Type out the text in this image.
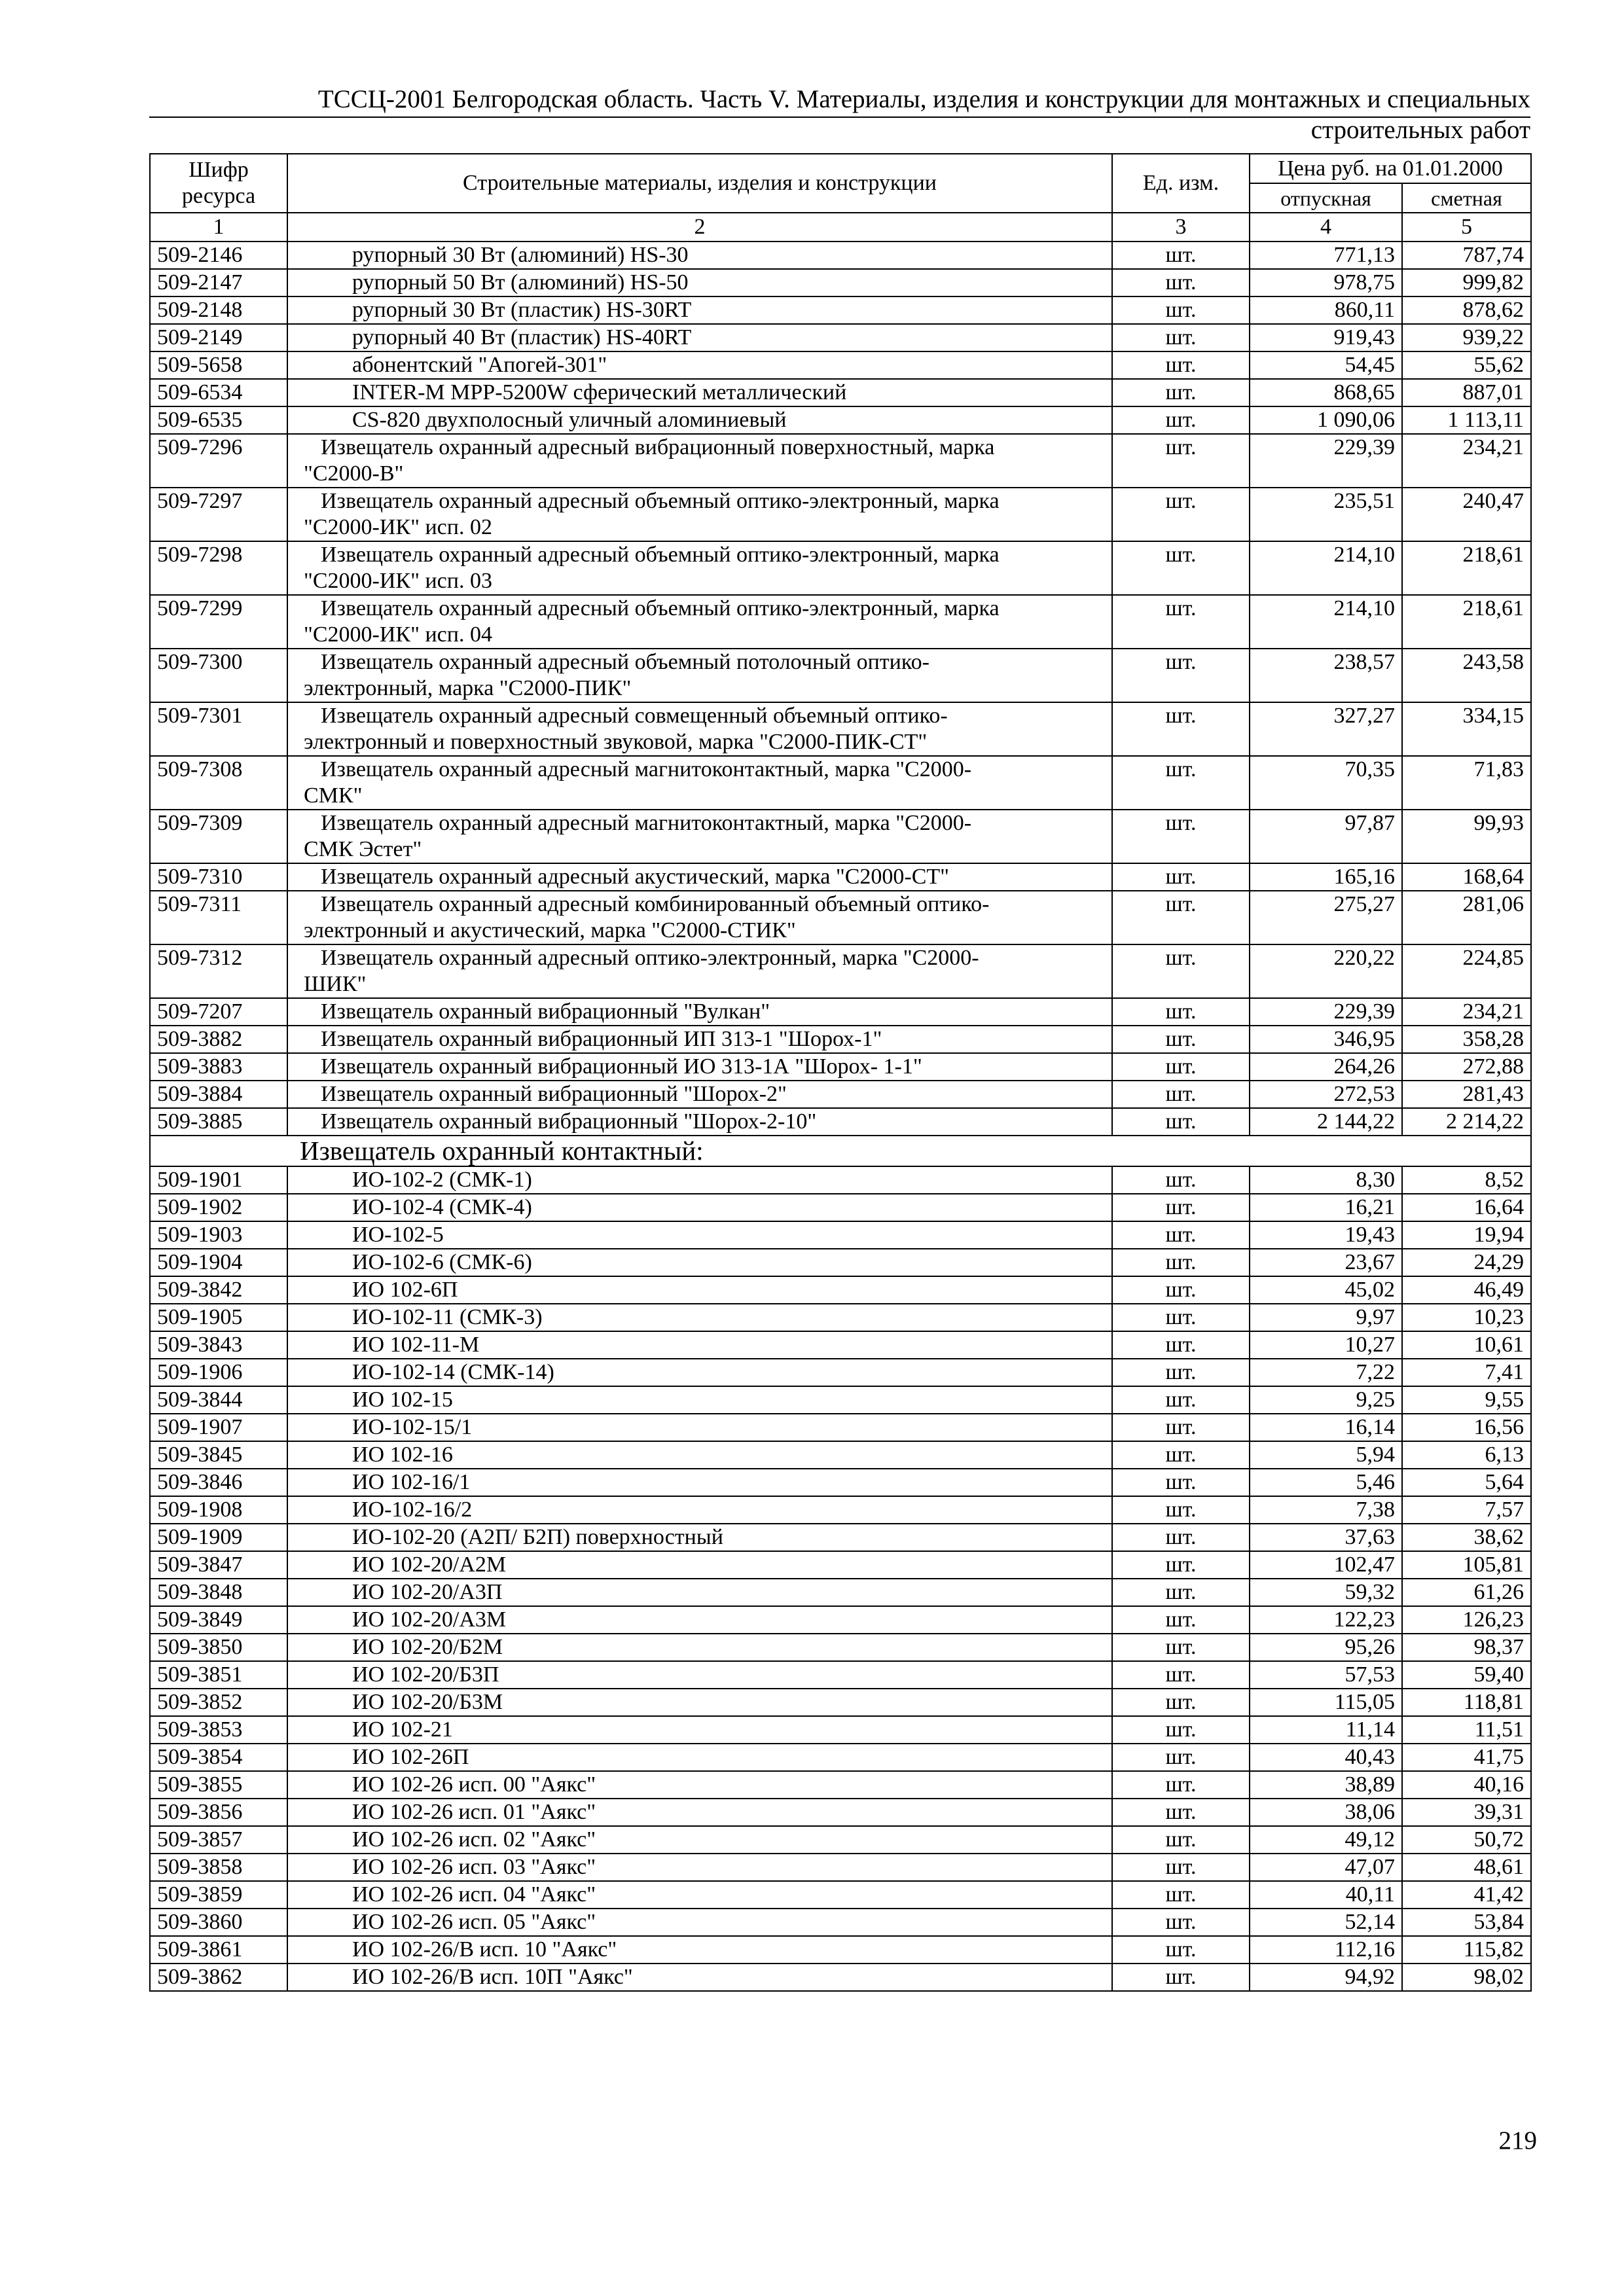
ТССЦ-2001 Белгородская область. Часть V. Материалы, изделия и конструкции для монтажных и специальных
строительных работ
Шифр ресурса	Строительные материалы, изделия и конструкции	Ед. изм.	Цена руб. на 01.01.2000	
			отпускная	сметная
1	2	3	4	5
509-2146	рупорный 30 Вт (алюминий) HS-30	шт.	771,13	787,74
509-2147	рупорный 50 Вт (алюминий) HS-50	шт.	978,75	999,82
509-2148	рупорный 30 Вт (пластик) HS-30RT	шт.	860,11	878,62
509-2149	рупорный 40 Вт (пластик) HS-40RT	шт.	919,43	939,22
509-5658	абонентский "Апогей-301"	шт.	54,45	55,62
509-6534	INTER-M MPP-5200W сферический металлический	шт.	868,65	887,01
509-6535	CS-820 двухполосный уличный аломиниевый	шт.	1 090,06	1 113,11
509-7296	Извещатель охранный адресный вибрационный поверхностный, марка
"С2000-В"	шт.	229,39	234,21
509-7297	Извещатель охранный адресный объемный оптико-электронный, марка
"С2000-ИК" исп. 02	шт.	235,51	240,47
509-7298	Извещатель охранный адресный объемный оптико-электронный, марка
"С2000-ИК" исп. 03	шт.	214,10	218,61
509-7299	Извещатель охранный адресный объемный оптико-электронный, марка
"С2000-ИК" исп. 04	шт.	214,10	218,61
509-7300	Извещатель охранный адресный объемный потолочный оптико-
электронный, марка "С2000-ПИК"	шт.	238,57	243,58
509-7301	Извещатель охранный адресный совмещенный объемный оптико-
электронный и поверхностный звуковой, марка "С2000-ПИК-СТ"	шт.	327,27	334,15
509-7308	Извещатель охранный адресный магнитоконтактный, марка "С2000-
СМК"	шт.	70,35	71,83
509-7309	Извещатель охранный адресный магнитоконтактный, марка "С2000-
СМК Эстет"	шт.	97,87	99,93
509-7310	Извещатель охранный адресный акустический, марка "С2000-СТ"	шт.	165,16	168,64
509-7311	Извещатель охранный адресный комбинированный объемный оптико-
электронный и акустический, марка "С2000-СТИК"	шт.	275,27	281,06
509-7312	Извещатель охранный адресный оптико-электронный, марка "С2000-
ШИК"	шт.	220,22	224,85
509-7207	Извещатель охранный вибрационный "Вулкан"	шт.	229,39	234,21
509-3882	Извещатель охранный вибрационный ИП 313-1 "Шорох-1"	шт.	346,95	358,28
509-3883	Извещатель охранный вибрационный ИО 313-1А "Шорох- 1-1"	шт.	264,26	272,88
509-3884	Извещатель охранный вибрационный "Шорох-2"	шт.	272,53	281,43
509-3885	Извещатель охранный вибрационный "Шорох-2-10"	шт.	2 144,22	2 214,22
Извещатель охранный контактный:				
509-1901	ИО-102-2 (СМК-1)	шт.	8,30	8,52
509-1902	ИО-102-4 (СМК-4)	шт.	16,21	16,64
509-1903	ИО-102-5	шт.	19,43	19,94
509-1904	ИО-102-6 (СМК-6)	шт.	23,67	24,29
509-3842	ИО 102-6П	шт.	45,02	46,49
509-1905	ИО-102-11 (СМК-3)	шт.	9,97	10,23
509-3843	ИО 102-11-М	шт.	10,27	10,61
509-1906	ИО-102-14 (СМК-14)	шт.	7,22	7,41
509-3844	ИО 102-15	шт.	9,25	9,55
509-1907	ИО-102-15/1	шт.	16,14	16,56
509-3845	ИО 102-16	шт.	5,94	6,13
509-3846	ИО 102-16/1	шт.	5,46	5,64
509-1908	ИО-102-16/2	шт.	7,38	7,57
509-1909	ИО-102-20 (А2П/ Б2П) поверхностный	шт.	37,63	38,62
509-3847	ИО 102-20/А2М	шт.	102,47	105,81
509-3848	ИО 102-20/А3П	шт.	59,32	61,26
509-3849	ИО 102-20/А3М	шт.	122,23	126,23
509-3850	ИО 102-20/Б2М	шт.	95,26	98,37
509-3851	ИО 102-20/Б3П	шт.	57,53	59,40
509-3852	ИО 102-20/Б3М	шт.	115,05	118,81
509-3853	ИО 102-21	шт.	11,14	11,51
509-3854	ИО 102-26П	шт.	40,43	41,75
509-3855	ИО 102-26 исп. 00 "Аякс"	шт.	38,89	40,16
509-3856	ИО 102-26 исп. 01 "Аякс"	шт.	38,06	39,31
509-3857	ИО 102-26 исп. 02 "Аякс"	шт.	49,12	50,72
509-3858	ИО 102-26 исп. 03 "Аякс"	шт.	47,07	48,61
509-3859	ИО 102-26 исп. 04 "Аякс"	шт.	40,11	41,42
509-3860	ИО 102-26 исп. 05 "Аякс"	шт.	52,14	53,84
509-3861	ИО 102-26/В исп. 10 "Аякс"	шт.	112,16	115,82
509-3862	ИО 102-26/В исп. 10П "Аякс"	шт.	94,92	98,02
219
